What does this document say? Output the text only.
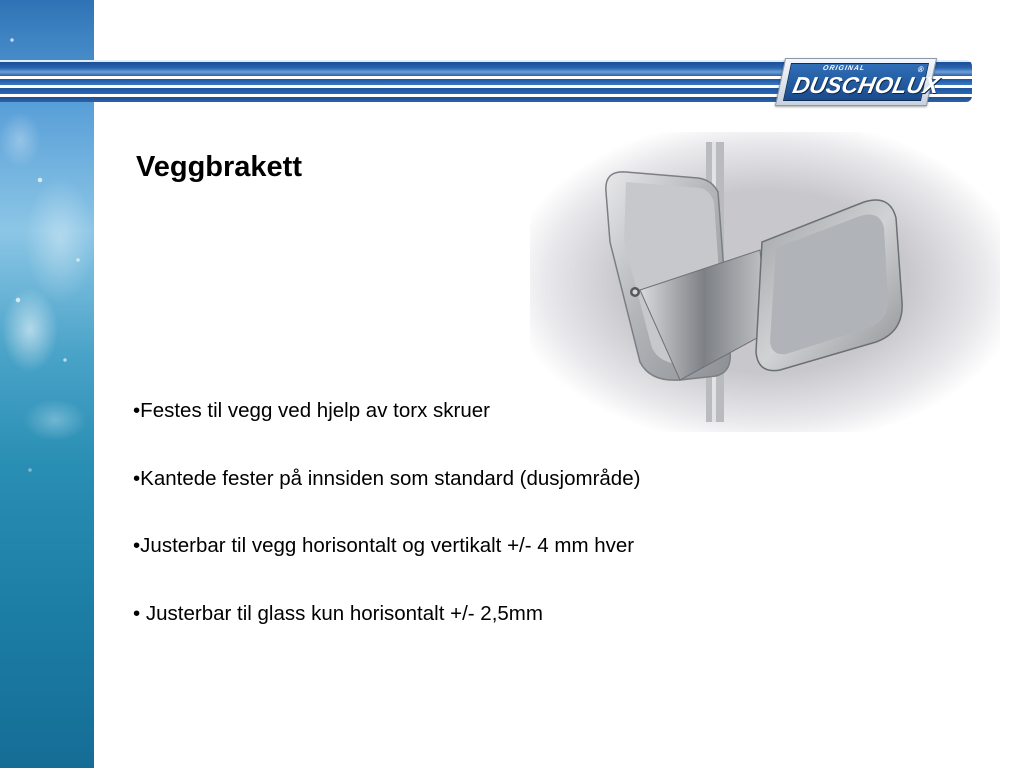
ORIGINAL
DUSCHOLUX
®
Veggbrakett
•Festes til vegg ved hjelp av torx skruer
•Kantede fester på innsiden som standard (dusjområde)
•Justerbar til vegg horisontalt og vertikalt +/- 4 mm hver
• Justerbar til glass kun horisontalt +/- 2,5mm
